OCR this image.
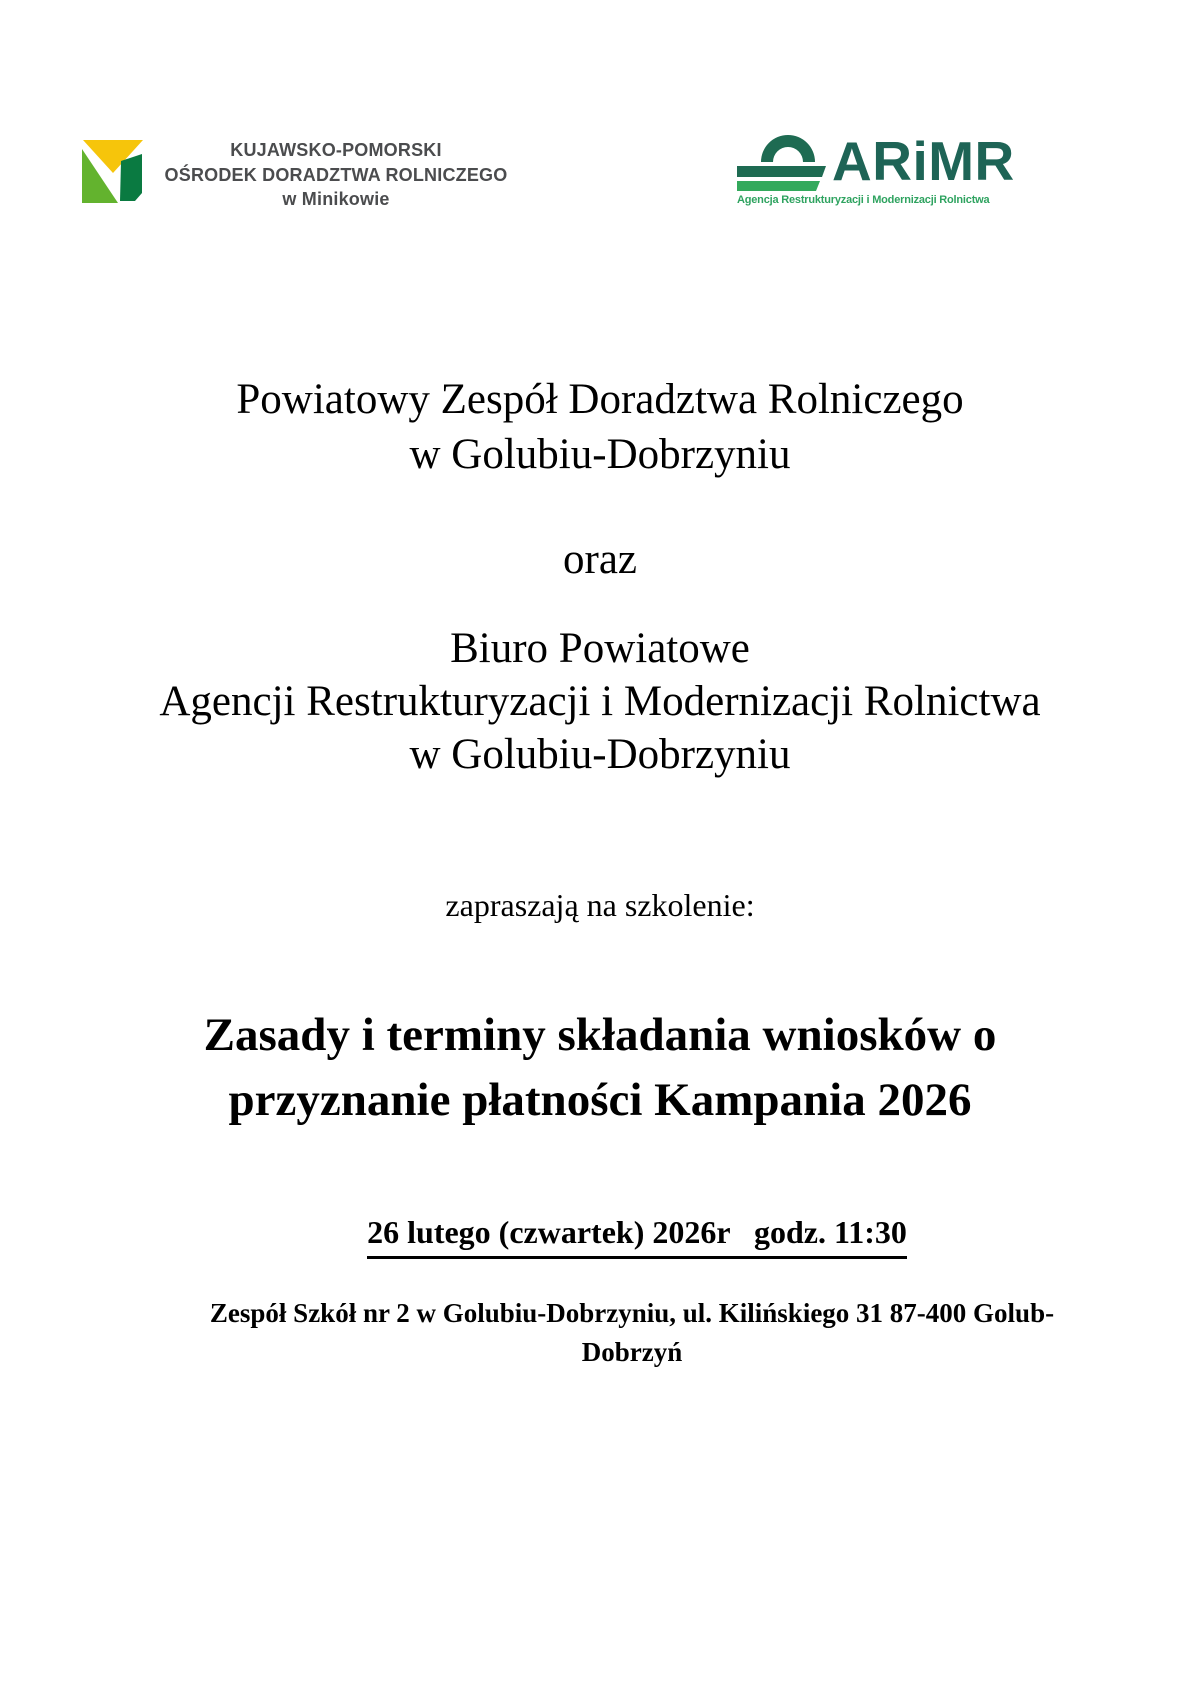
KUJAWSKO-POMORSKI
OŚRODEK DORADZTWA ROLNICZEGO
w Minikowie
ARiMR
Agencja Restrukturyzacji i Modernizacji Rolnictwa
Powiatowy Zespół Doradztwa Rolniczego
w Golubiu-Dobrzyniu
oraz
Biuro Powiatowe
Agencji Restrukturyzacji i Modernizacji Rolnictwa
w Golubiu-Dobrzyniu
zapraszają na szkolenie:
Zasady i terminy składania wniosków o
przyznanie płatności Kampania 2026
26 lutego (czwartek) 2026r   godz. 11:30
Zespół Szkół nr 2 w Golubiu-Dobrzyniu, ul. Kilińskiego 31 87-400 Golub-
Dobrzyń
